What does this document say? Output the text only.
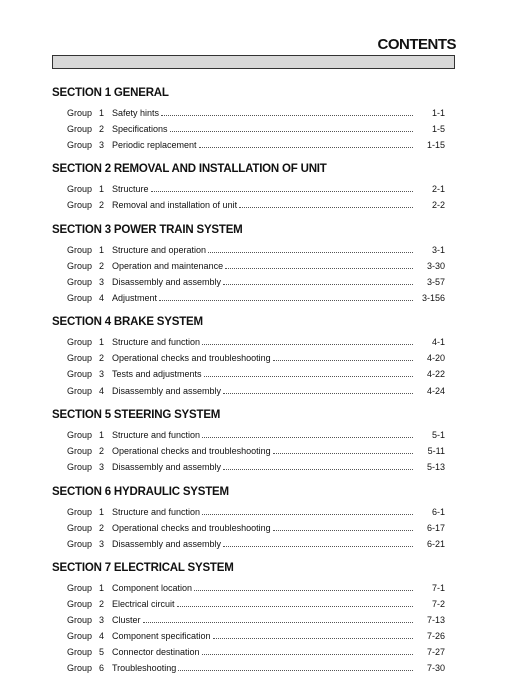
CONTENTS
SECTION 1 GENERAL
Group 1 Safety hints	1-1
Group 2 Specifications	1-5
Group 3 Periodic replacement	1-15
SECTION 2 REMOVAL AND INSTALLATION OF UNIT
Group 1 Structure	2-1
Group 2 Removal and installation of unit	2-2
SECTION 3 POWER TRAIN SYSTEM
Group 1 Structure and operation	3-1
Group 2 Operation and maintenance	3-30
Group 3 Disassembly and assembly	3-57
Group 4 Adjustment	3-156
SECTION 4 BRAKE SYSTEM
Group 1 Structure and function	4-1
Group 2 Operational checks and troubleshooting	4-20
Group 3 Tests and adjustments	4-22
Group 4 Disassembly and assembly	4-24
SECTION 5 STEERING SYSTEM
Group 1 Structure and function	5-1
Group 2 Operational checks and troubleshooting	5-11
Group 3 Disassembly and assembly	5-13
SECTION 6 HYDRAULIC SYSTEM
Group 1 Structure and function	6-1
Group 2 Operational checks and troubleshooting	6-17
Group 3 Disassembly and assembly	6-21
SECTION 7 ELECTRICAL SYSTEM
Group 1 Component location	7-1
Group 2 Electrical circuit	7-2
Group 3 Cluster	7-13
Group 4 Component specification	7-26
Group 5 Connector destination	7-27
Group 6 Troubleshooting	7-30
